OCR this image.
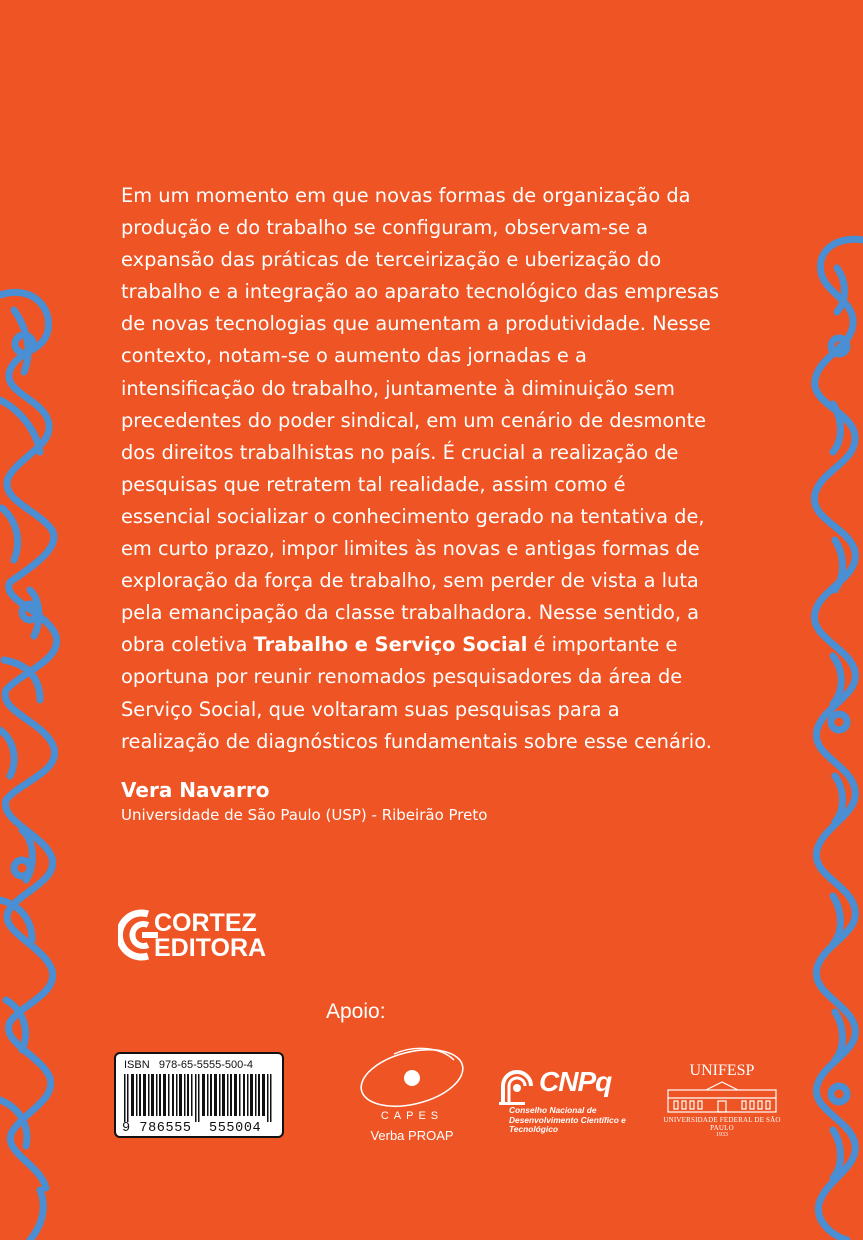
Em um momento em que novas formas de organização da produção e do trabalho se configuram, observam-se a expansão das práticas de terceirização e uberização do trabalho e a integração ao aparato tecnológico das empresas de novas tecnologias que aumentam a produtividade. Nesse contexto, notam-se o aumento das jornadas e a intensificação do trabalho, juntamente à diminuição sem precedentes do poder sindical, em um cenário de desmonte dos direitos trabalhistas no país. É crucial a realização de pesquisas que retratem tal realidade, assim como é essencial socializar o conhecimento gerado na tentativa de, em curto prazo, impor limites às novas e antigas formas de exploração da força de trabalho, sem perder de vista a luta pela emancipação da classe trabalhadora. Nesse sentido, a obra coletiva Trabalho e Serviço Social é importante e oportuna por reunir renomados pesquisadores da área de Serviço Social, que voltaram suas pesquisas para a realização de diagnósticos fundamentais sobre esse cenário.

Vera Navarro

Universidade de São Paulo (USP) - Ribeirão Preto

CORTEZ
EDITORA

Apoio:

ISBN   978-65-5555-500-4
9 786555  555004
CAPES
Verba PROAP
CNPq
Conselho Nacional de Desenvolvimento Científico e Tecnológico
UNIFESP
UNIVERSIDADE FEDERAL DE SÃO PAULO
1933
